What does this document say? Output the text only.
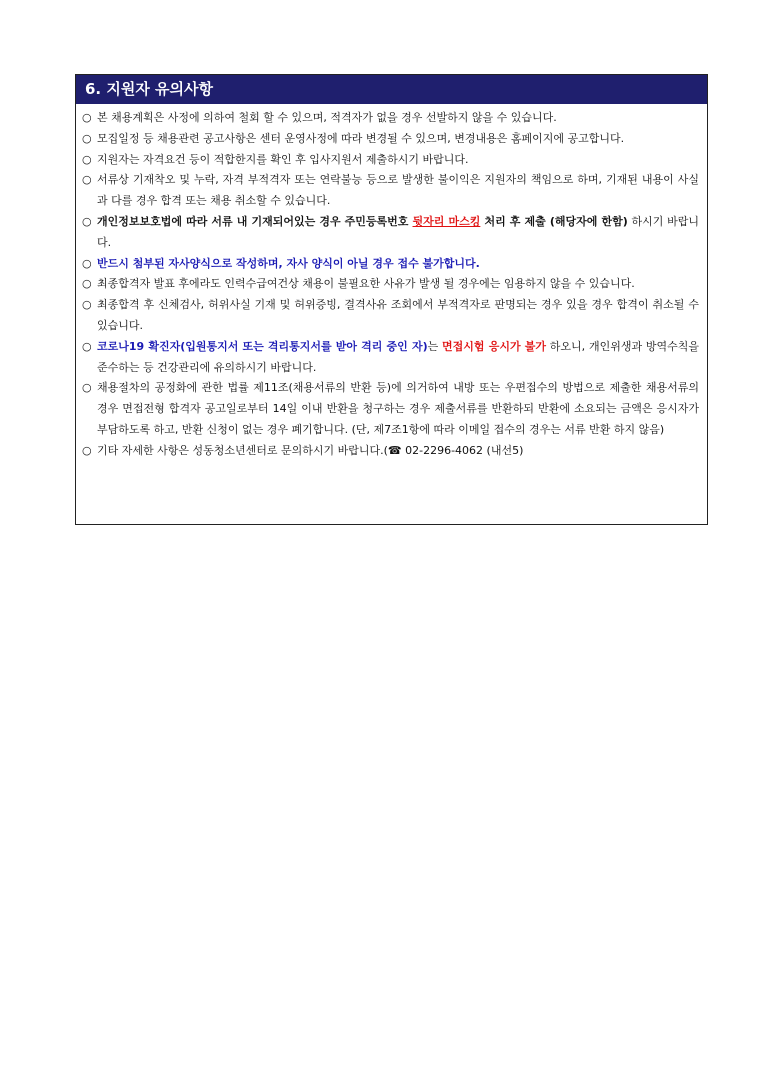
6. 지원자 유의사항
○ 본 채용계획은 사정에 의하여 철회 할 수 있으며, 적격자가 없을 경우 선발하지 않을 수 있습니다.
○ 모집일정 등 채용관련 공고사항은 센터 운영사정에 따라 변경될 수 있으며, 변경내용은 홈페이지에 공고합니다.
○ 지원자는 자격요건 등이 적합한지를 확인 후 입사지원서 제출하시기 바랍니다.
○ 서류상 기재착오 및 누락, 자격 부적격자 또는 연락불능 등으로 발생한 불이익은 지원자의 책임으로 하며, 기재된 내용이 사실과 다를 경우 합격 또는 채용 취소할 수 있습니다.
○ 개인정보보호법에 따라 서류 내 기재되어있는 경우 주민등록번호 뒷자리 마스킹 처리 후 제출 (해당자에 한함) 하시기 바랍니다.
○ 반드시 첨부된 자사양식으로 작성하며, 자사 양식이 아닐 경우 접수 불가합니다.
○ 최종합격자 발표 후에라도 인력수급여건상 채용이 불필요한 사유가 발생 될 경우에는 임용하지 않을 수 있습니다.
○ 최종합격 후 신체검사, 허위사실 기재 및 허위증빙, 결격사유 조회에서 부적격자로 판명되는 경우 있을 경우 합격이 취소될 수 있습니다.
○ 코로나19 확진자(입원통지서 또는 격리통지서를 받아 격리 중인 자)는 면접시험 응시가 불가 하오니, 개인위생과 방역수칙을 준수하는 등 건강관리에 유의하시기 바랍니다.
○ 채용절차의 공정화에 관한 법률 제11조(채용서류의 반환 등)에 의거하여 내방 또는 우편접수의 방법으로 제출한 채용서류의 경우 면접전형 합격자 공고일로부터 14일 이내 반환을 청구하는 경우 제출서류를 반환하되 반환에 소요되는 금액은 응시자가 부담하도록 하고, 반환 신청이 없는 경우 폐기합니다. (단, 제7조1항에 따라 이메일 접수의 경우는 서류 반환 하지 않음)
○ 기타 자세한 사항은 성동청소년센터로 문의하시기 바랍니다.(☎ 02-2296-4062 (내선5)
